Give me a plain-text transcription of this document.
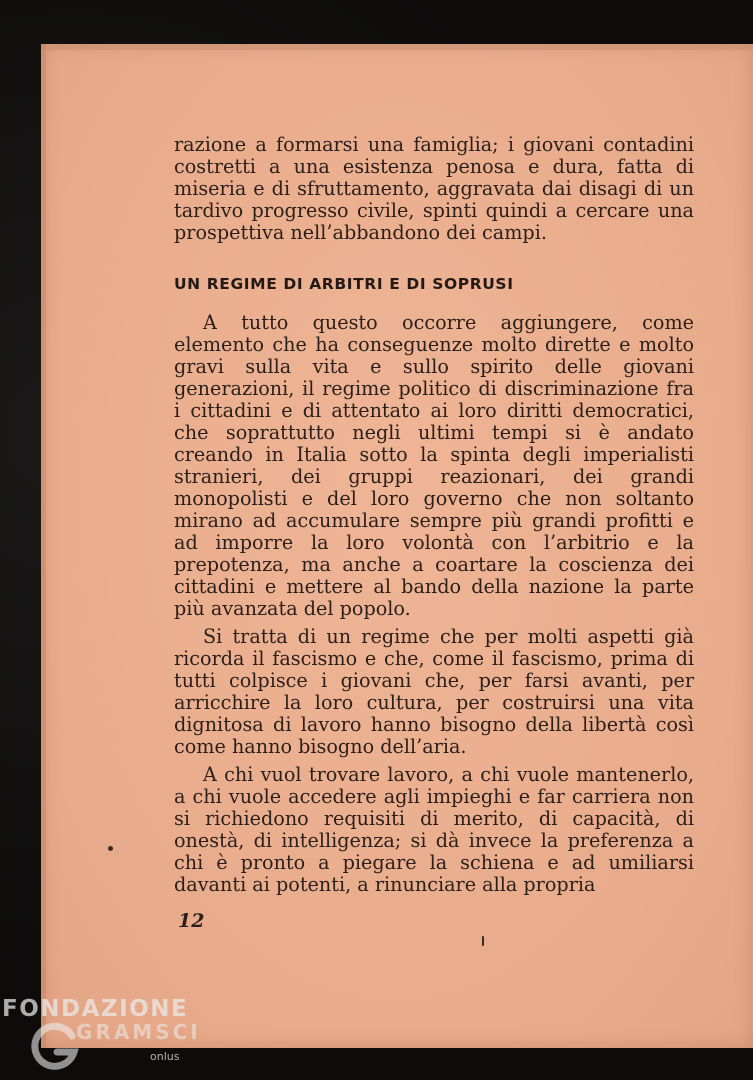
razione a formarsi una famiglia; i giovani contadini costretti a una esistenza penosa e dura, fatta di miseria e di sfruttamento, aggravata dai disagi di un tardivo progresso civile, spinti quindi a cercare una prospettiva nell’abbandono dei campi.

UN REGIME DI ARBITRI E DI SOPRUSI

A tutto questo occorre aggiungere, come elemento che ha conseguenze molto dirette e molto gravi sulla vita e sullo spirito delle giovani generazioni, il regime politico di discriminazione fra i cittadini e di attentato ai loro diritti democratici, che soprattutto negli ultimi tempi si è andato creando in Italia sotto la spinta degli imperialisti stranieri, dei gruppi reazionari, dei grandi monopolisti e del loro governo che non soltanto mirano ad accumulare sempre più grandi profitti e ad imporre la loro volontà con l’arbitrio e la prepotenza, ma anche a coartare la coscienza dei cittadini e mettere al bando della nazione la parte più avanzata del popolo.

Si tratta di un regime che per molti aspetti già ricorda il fascismo e che, come il fascismo, prima di tutti colpisce i giovani che, per farsi avanti, per arricchire la loro cultura, per costruirsi una vita dignitosa di lavoro hanno bisogno della libertà così come hanno bisogno dell’aria.

A chi vuol trovare lavoro, a chi vuole mantenerlo, a chi vuole accedere agli impieghi e far carriera non si richiedono requisiti di merito, di capacità, di onestà, di intelligenza; si dà invece la preferenza a chi è pronto a piegare la schiena e ad umiliarsi davanti ai potenti, a rinunciare alla propria

12
FONDAZIONE
GRAMSCI
onlus
